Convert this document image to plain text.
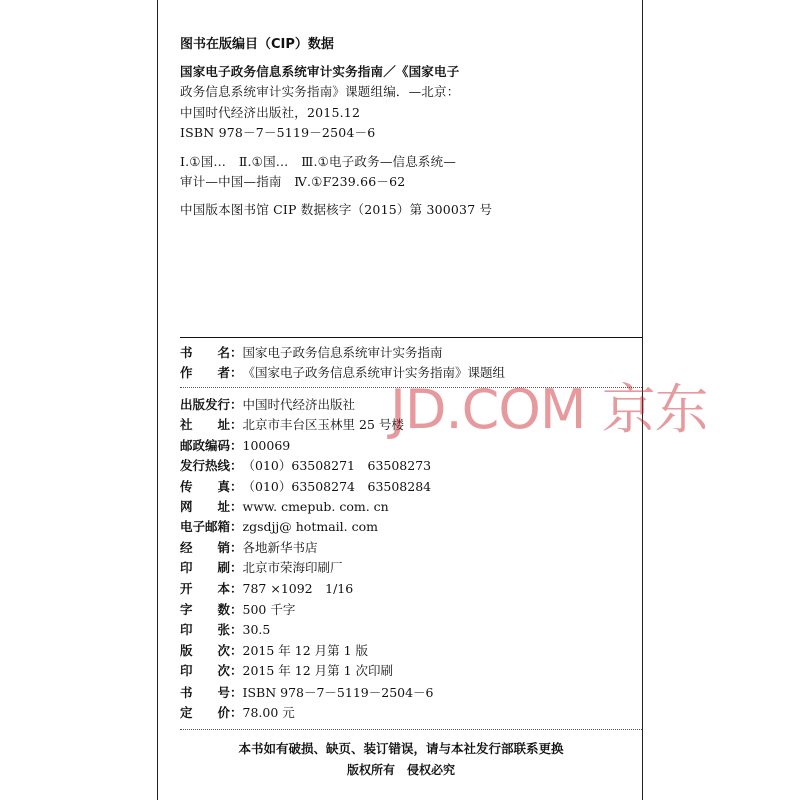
图书在版编目（CIP）数据
国家电子政务信息系统审计实务指南／《国家电子
政务信息系统审计实务指南》课题组编．—北京：
中国时代经济出版社，2015.12
ISBN 978－7－5119－2504－6
Ⅰ.①国…　Ⅱ.①国…　Ⅲ.①电子政务—信息系统—
审计—中国—指南　Ⅳ.①F239.66－62
中国版本图书馆 CIP 数据核字（2015）第 300037 号
书　　名： 国家电子政务信息系统审计实务指南
作　　者： 《国家电子政务信息系统审计实务指南》课题组
出版发行： 中国时代经济出版社
社　　址： 北京市丰台区玉林里 25 号楼
邮政编码： 100069
发行热线： （010）63508271　63508273
传　　真： （010）63508274　63508284
网　　址： www. cmepub. com. cn
电子邮箱： zgsdjj@ hotmail. com
经　　销： 各地新华书店
印　　刷： 北京市荣海印刷厂
开　　本： 787 ×1092　1/16
字　　数： 500 千字
印　　张： 30.5
版　　次： 2015 年 12 月第 1 版
印　　次： 2015 年 12 月第 1 次印刷
书　　号： ISBN 978－7－5119－2504－6
定　　价： 78.00 元
JD.COM 京东
本书如有破损、缺页、装订错误，请与本社发行部联系更换
版权所有　侵权必究
